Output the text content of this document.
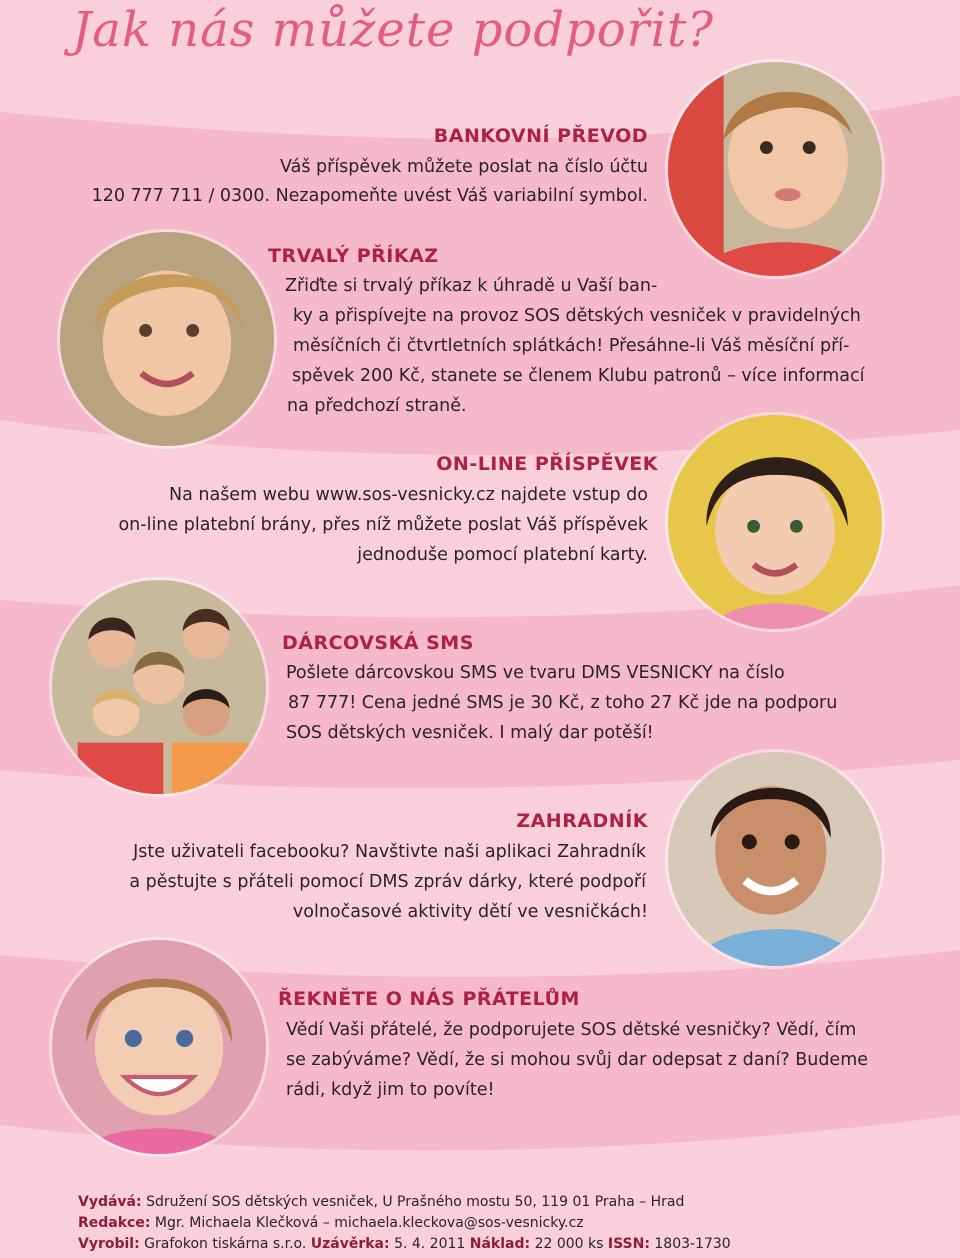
Jak nás můžete podpořit?
BANKOVNÍ PŘEVOD

Váš příspěvek můžete poslat na číslo účtu

120 777 711 / 0300. Nezapomeňte uvést Váš variabilní symbol.

TRVALÝ PŘÍKAZ

Zřiďte si trvalý příkaz k úhradě u Vaší ban-

ky a přispívejte na provoz SOS dětských vesniček v pravidelných

měsíčních či čtvrtletních splátkách! Přesáhne-li Váš měsíční pří-

spěvek 200 Kč, stanete se členem Klubu patronů – více informací

na předchozí straně.

ON-LINE PŘÍSPĚVEK

Na našem webu www.sos-vesnicky.cz najdete vstup do

on-line platební brány, přes níž můžete poslat Váš příspěvek

jednoduše pomocí platební karty.

DÁRCOVSKÁ SMS

Pošlete dárcovskou SMS ve tvaru DMS VESNICKY na číslo

87 777! Cena jedné SMS je 30 Kč, z toho 27 Kč jde na podporu

SOS dětských vesniček. I malý dar potěší!

ZAHRADNÍK

Jste uživateli facebooku? Navštivte naši aplikaci Zahradník

a pěstujte s přáteli pomocí DMS zpráv dárky, které podpoří

volnočasové aktivity dětí ve vesničkách!

ŘEKNĚTE O NÁS PŘÁTELŮM

Vědí Vaši přátelé, že podporujete SOS dětské vesničky? Vědí, čím

se zabýváme? Vědí, že si mohou svůj dar odepsat z daní? Budeme

rádi, když jim to povíte!

Vydává: Sdružení SOS dětských vesniček, U Prašného mostu 50, 119 01 Praha – Hrad
Redakce: Mgr. Michaela Klečková – michaela.kleckova@sos-vesnicky.cz
Vyrobil: Grafokon tiskárna s.r.o. Uzávěrka: 5. 4. 2011 Náklad: 22 000 ks ISSN: 1803-1730
